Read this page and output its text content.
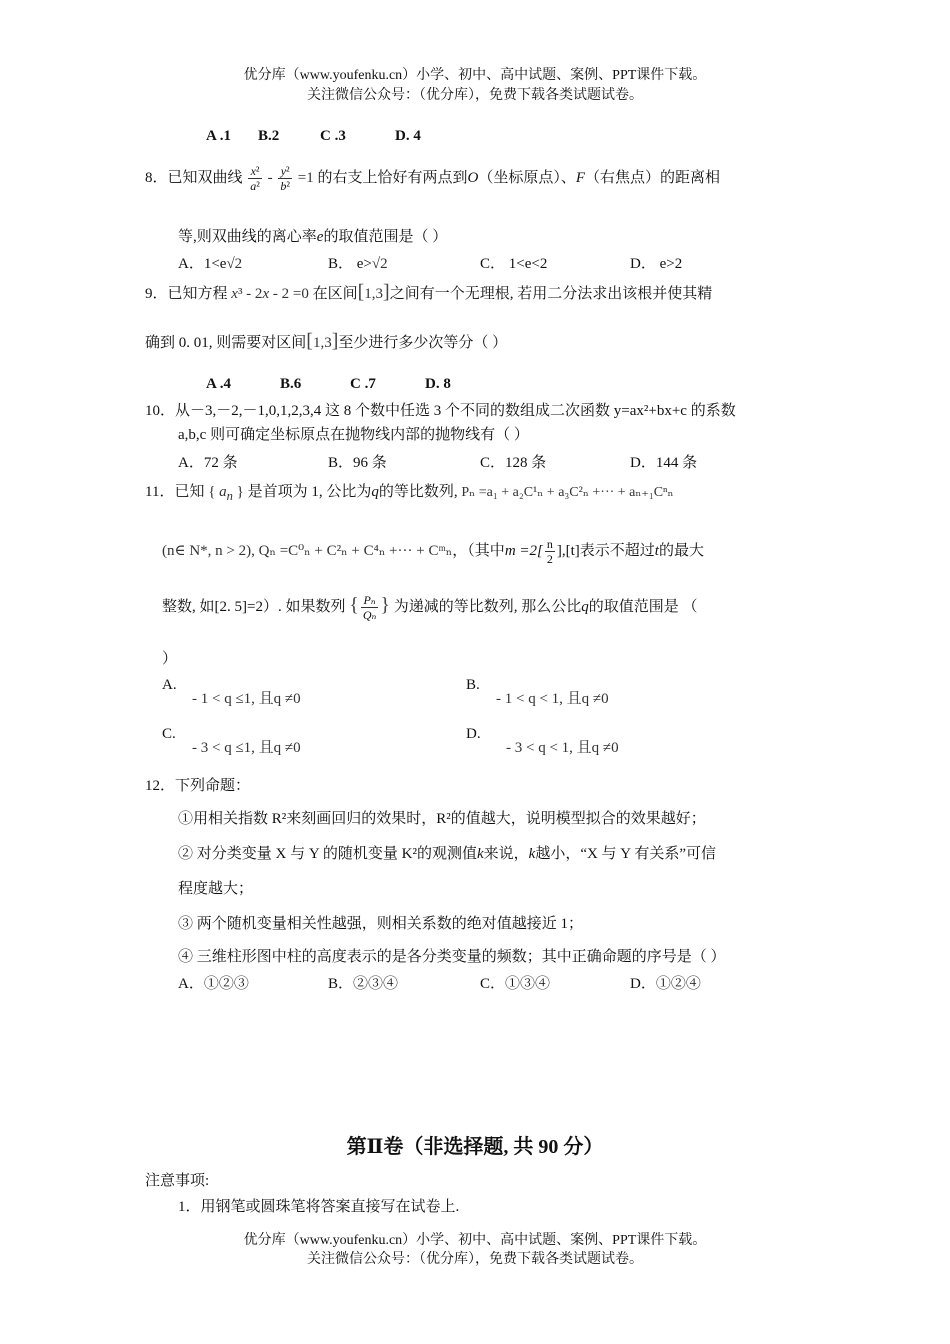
优分库（www.youfenku.cn）小学、初中、高中试题、案例、PPT课件下载。
关注微信公众号：（优分库），免费下载各类试题试卷。
A .1 B.2	C .3	D. 4
8．已知双曲线 $\frac{\text{x²}}{\text{a²}} - \frac{\text{y²}}{\text{b²}} =1$ 的右支上恰好有两点到O（坐标原点）、F（右焦点）的距离相
等,则双曲线的离心率e的取值范围是（ ）
A．1<e√2	B． e>√2	C． 1<e<2	D． e>2
9．已知方程 x³ - 2x - 2 =0 在区间[1,3]之间有一个无理根, 若用二分法求出该根并使其精
确到 0. 01, 则需要对区间[1,3]至少进行多少次等分（ ）
A .4	B.6	C .7	D. 8
10．从－3,－2,－1,0,1,2,3,4 这 8 个数中任选 3 个不同的数组成二次函数 y=ax²+bx+c 的系数
a,b,c 则可确定坐标原点在抛物线内部的抛物线有（ ）
A．72 条	B．96 条	C．128 条	D．144 条
11．已知 { $a_n$ } 是首项为 1, 公比为q的等比数列, Pₙ =a₁ + a₂C¹ₙ + a₃C²ₙ +··· + aₙ₊₁Cⁿₙ
(n∈ N*, n > 2), Qₙ =C⁰ₙ + C²ₙ + C⁴ₙ +··· + Cᵐₙ，（其中$m =2[ \frac{n}{2} ],[t]$表示不超过t的最大
整数, 如[2. 5]=2）. 如果数列 { $\frac{\text{Pₙ}}{\text{Qₙ}}$ } 为递减的等比数列, 那么公比q的取值范围是 （
）
A.
- 1 < q ≤1, 且q ≠0
B.
- 1 < q < 1, 且q ≠0
C.
- 3 < q ≤1, 且q ≠0
D.
- 3 < q < 1, 且q ≠0
12．下列命题：
①用相关指数 R²来刻画回归的效果时，R²的值越大，说明模型拟合的效果越好；
② 对分类变量 X 与 Y 的随机变量 K²的观测值k来说，k越小，“X 与 Y 有关系”可信
程度越大；
③ 两个随机变量相关性越强，则相关系数的绝对值越接近 1；
④ 三维柱形图中柱的高度表示的是各分类变量的频数；其中正确命题的序号是（ ）
A．①②③	B．②③④	C．①③④	D．①②④
第Ⅱ卷（非选择题, 共 90 分）
注意事项:
1．用钢笔或圆珠笔将答案直接写在试卷上.
优分库（www.youfenku.cn）小学、初中、高中试题、案例、PPT课件下载。
关注微信公众号：（优分库），免费下载各类试题试卷。
